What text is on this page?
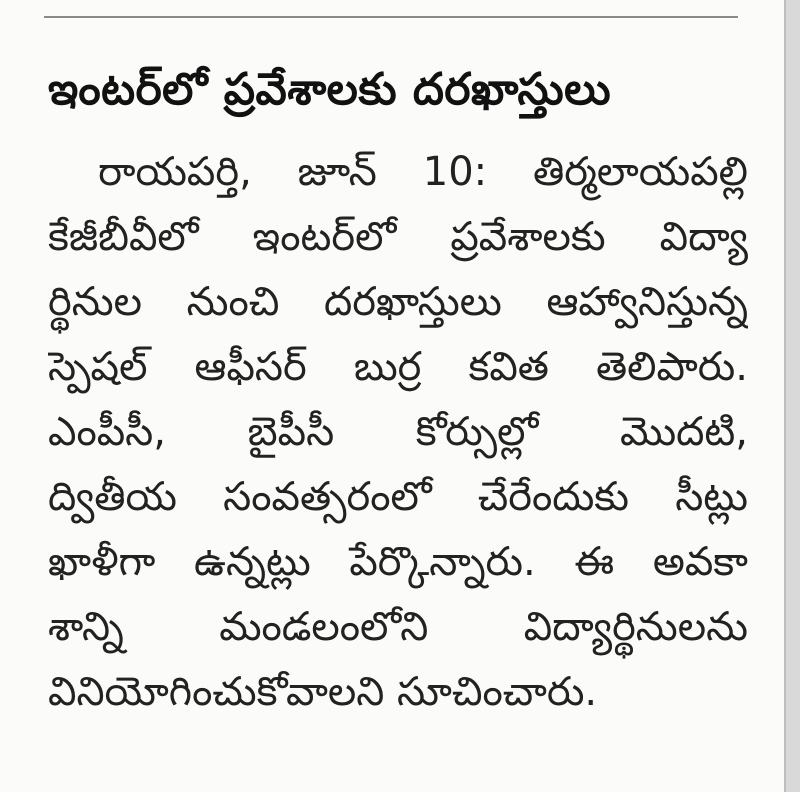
ఇంటర్‌లో ప్రవేశాలకు దరఖాస్తులు
రాయపర్తి, జూన్ 10: తిర్మలాయపల్లి
కేజీబీవీలో ఇంటర్‌లో ప్రవేశాలకు విద్యా
ర్థినుల నుంచి దరఖాస్తులు ఆహ్వానిస్తున్న
స్పెషల్ ఆఫీసర్ బుర్ర కవిత తెలిపారు.
ఎంపీసీ, బైపీసీ కోర్సుల్లో మొదటి,
ద్వితీయ సంవత్సరంలో చేరేందుకు సీట్లు
ఖాళీగా ఉన్నట్లు పేర్కొన్నారు. ఈ అవకా
శాన్ని మండలంలోని విద్యార్థినులను
వినియోగించుకోవాలని సూచించారు.
